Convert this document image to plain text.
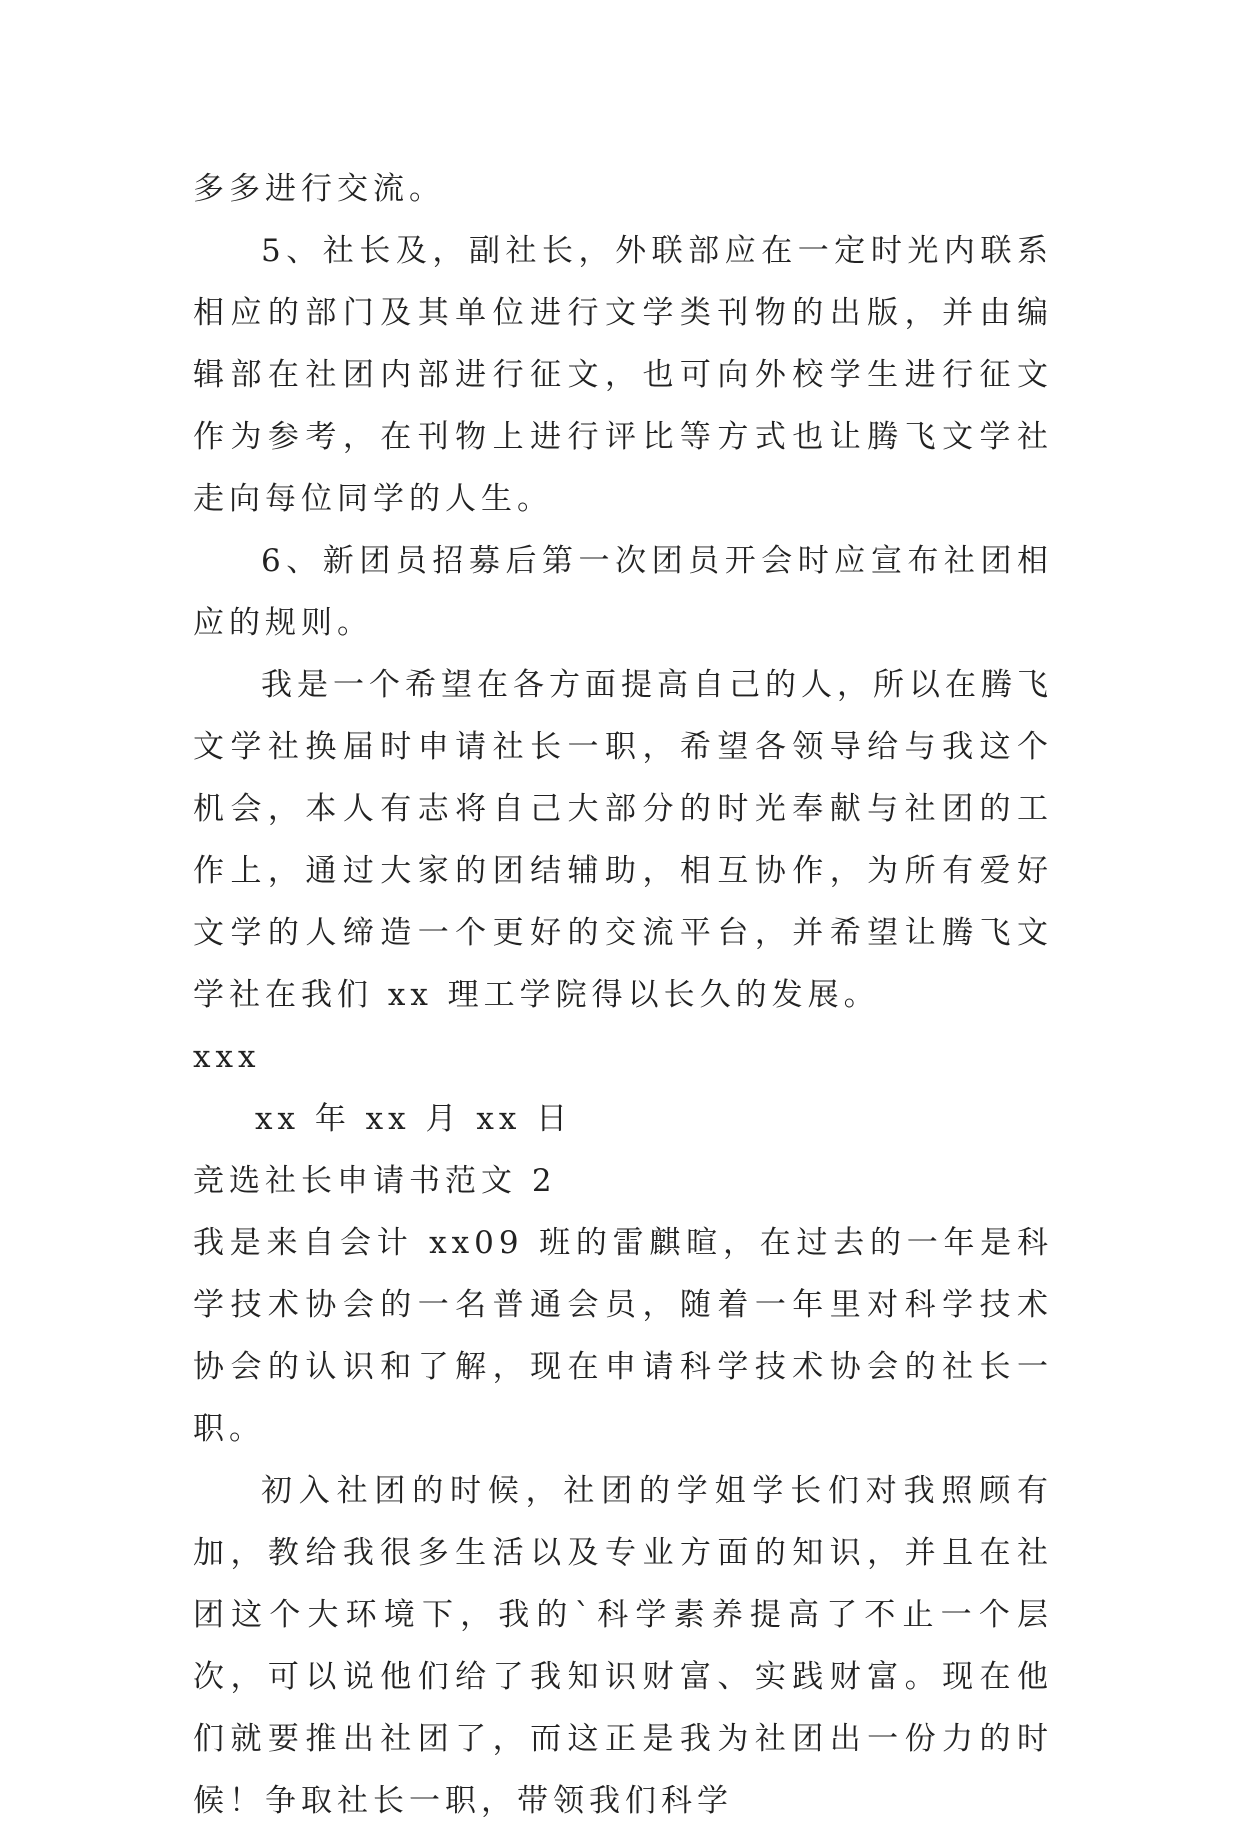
多多进行交流。

5、社长及，副社长，外联部应在一定时光内联系相应的部门及其单位进行文学类刊物的出版，并由编辑部在社团内部进行征文，也可向外校学生进行征文作为参考，在刊物上进行评比等方式也让腾飞文学社走向每位同学的人生。

6、新团员招募后第一次团员开会时应宣布社团相应的规则。

我是一个希望在各方面提高自己的人，所以在腾飞文学社换届时申请社长一职，希望各领导给与我这个机会，本人有志将自己大部分的时光奉献与社团的工作上，通过大家的团结辅助，相互协作，为所有爱好文学的人缔造一个更好的交流平台，并希望让腾飞文学社在我们 xx 理工学院得以长久的发展。

xxx

xx 年 xx 月 xx 日

竞选社长申请书范文 2

我是来自会计 xx09 班的雷麒暄，在过去的一年是科学技术协会的一名普通会员，随着一年里对科学技术协会的认识和了解，现在申请科学技术协会的社长一职。

初入社团的时候，社团的学姐学长们对我照顾有加，教给我很多生活以及专业方面的知识，并且在社团这个大环境下，我的`科学素养提高了不止一个层次，可以说他们给了我知识财富、实践财富。现在他们就要推出社团了，而这正是我为社团出一份力的时候！争取社长一职，带领我们科学
